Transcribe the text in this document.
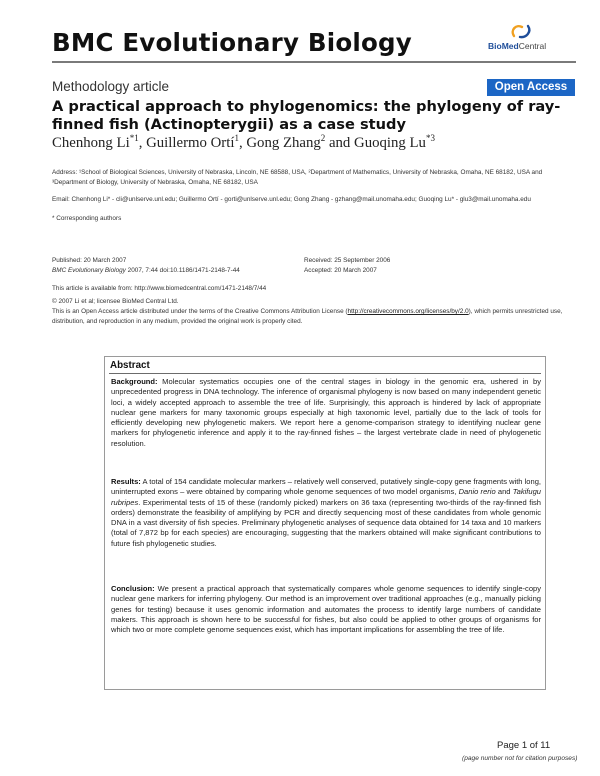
BMC Evolutionary Biology	BioMedCentral
Methodology article	Open Access
A practical approach to phylogenomics: the phylogeny of ray-finned fish (Actinopterygii) as a case study
Chenhong Li$^{*1}$, Guillermo Ortí$^1$, Gong Zhang$^2$ and Guoqing Lu$^{*3}$
Address: ¹School of Biological Sciences, University of Nebraska, Lincoln, NE 68588, USA, ²Department of Mathematics, University of Nebraska, Omaha, NE 68182, USA and ³Department of Biology, University of Nebraska, Omaha, NE 68182, USA
Email: Chenhong Li* - cli@unlserve.unl.edu; Guillermo Ortí - gorti@unlserve.unl.edu; Gong Zhang - gzhang@mail.unomaha.edu; Guoqing Lu* - glu3@mail.unomaha.edu
* Corresponding authors
Published: 20 March 2007
BMC Evolutionary Biology 2007, 7:44 doi:10.1186/1471-2148-7-44
Received: 25 September 2006
Accepted: 20 March 2007
This article is available from: http://www.biomedcentral.com/1471-2148/7/44
© 2007 Li et al; licensee BioMed Central Ltd.
This is an Open Access article distributed under the terms of the Creative Commons Attribution License (http://creativecommons.org/licenses/by/2.0), which permits unrestricted use, distribution, and reproduction in any medium, provided the original work is properly cited.
Abstract
Background: Molecular systematics occupies one of the central stages in biology in the genomic era, ushered in by unprecedented progress in DNA technology. The inference of organismal phylogeny is now based on many independent genetic loci, a widely accepted approach to assemble the tree of life. Surprisingly, this approach is hindered by lack of appropriate nuclear gene markers for many taxonomic groups especially at high taxonomic level, partially due to the lack of tools for efficiently developing new phylogenetic makers. We report here a genome-comparison strategy to identifying nuclear gene markers for phylogenetic inference and apply it to the ray-finned fishes – the largest vertebrate clade in need of phylogenetic resolution.
Results: A total of 154 candidate molecular markers – relatively well conserved, putatively single-copy gene fragments with long, uninterrupted exons – were obtained by comparing whole genome sequences of two model organisms, Danio rerio and Takifugu rubripes. Experimental tests of 15 of these (randomly picked) markers on 36 taxa (representing two-thirds of the ray-finned fish orders) demonstrate the feasibility of amplifying by PCR and directly sequencing most of these candidates from whole genomic DNA in a vast diversity of fish species. Preliminary phylogenetic analyses of sequence data obtained for 14 taxa and 10 markers (total of 7,872 bp for each species) are encouraging, suggesting that the markers obtained will make significant contributions to future fish phylogenetic studies.
Conclusion: We present a practical approach that systematically compares whole genome sequences to identify single-copy nuclear gene markers for inferring phylogeny. Our method is an improvement over traditional approaches (e.g., manually picking genes for testing) because it uses genomic information and automates the process to identify large numbers of candidate makers. This approach is shown here to be successful for fishes, but also could be applied to other groups of organisms for which two or more complete genome sequences exist, which has important implications for assembling the tree of life.
Page 1 of 11
(page number not for citation purposes)
